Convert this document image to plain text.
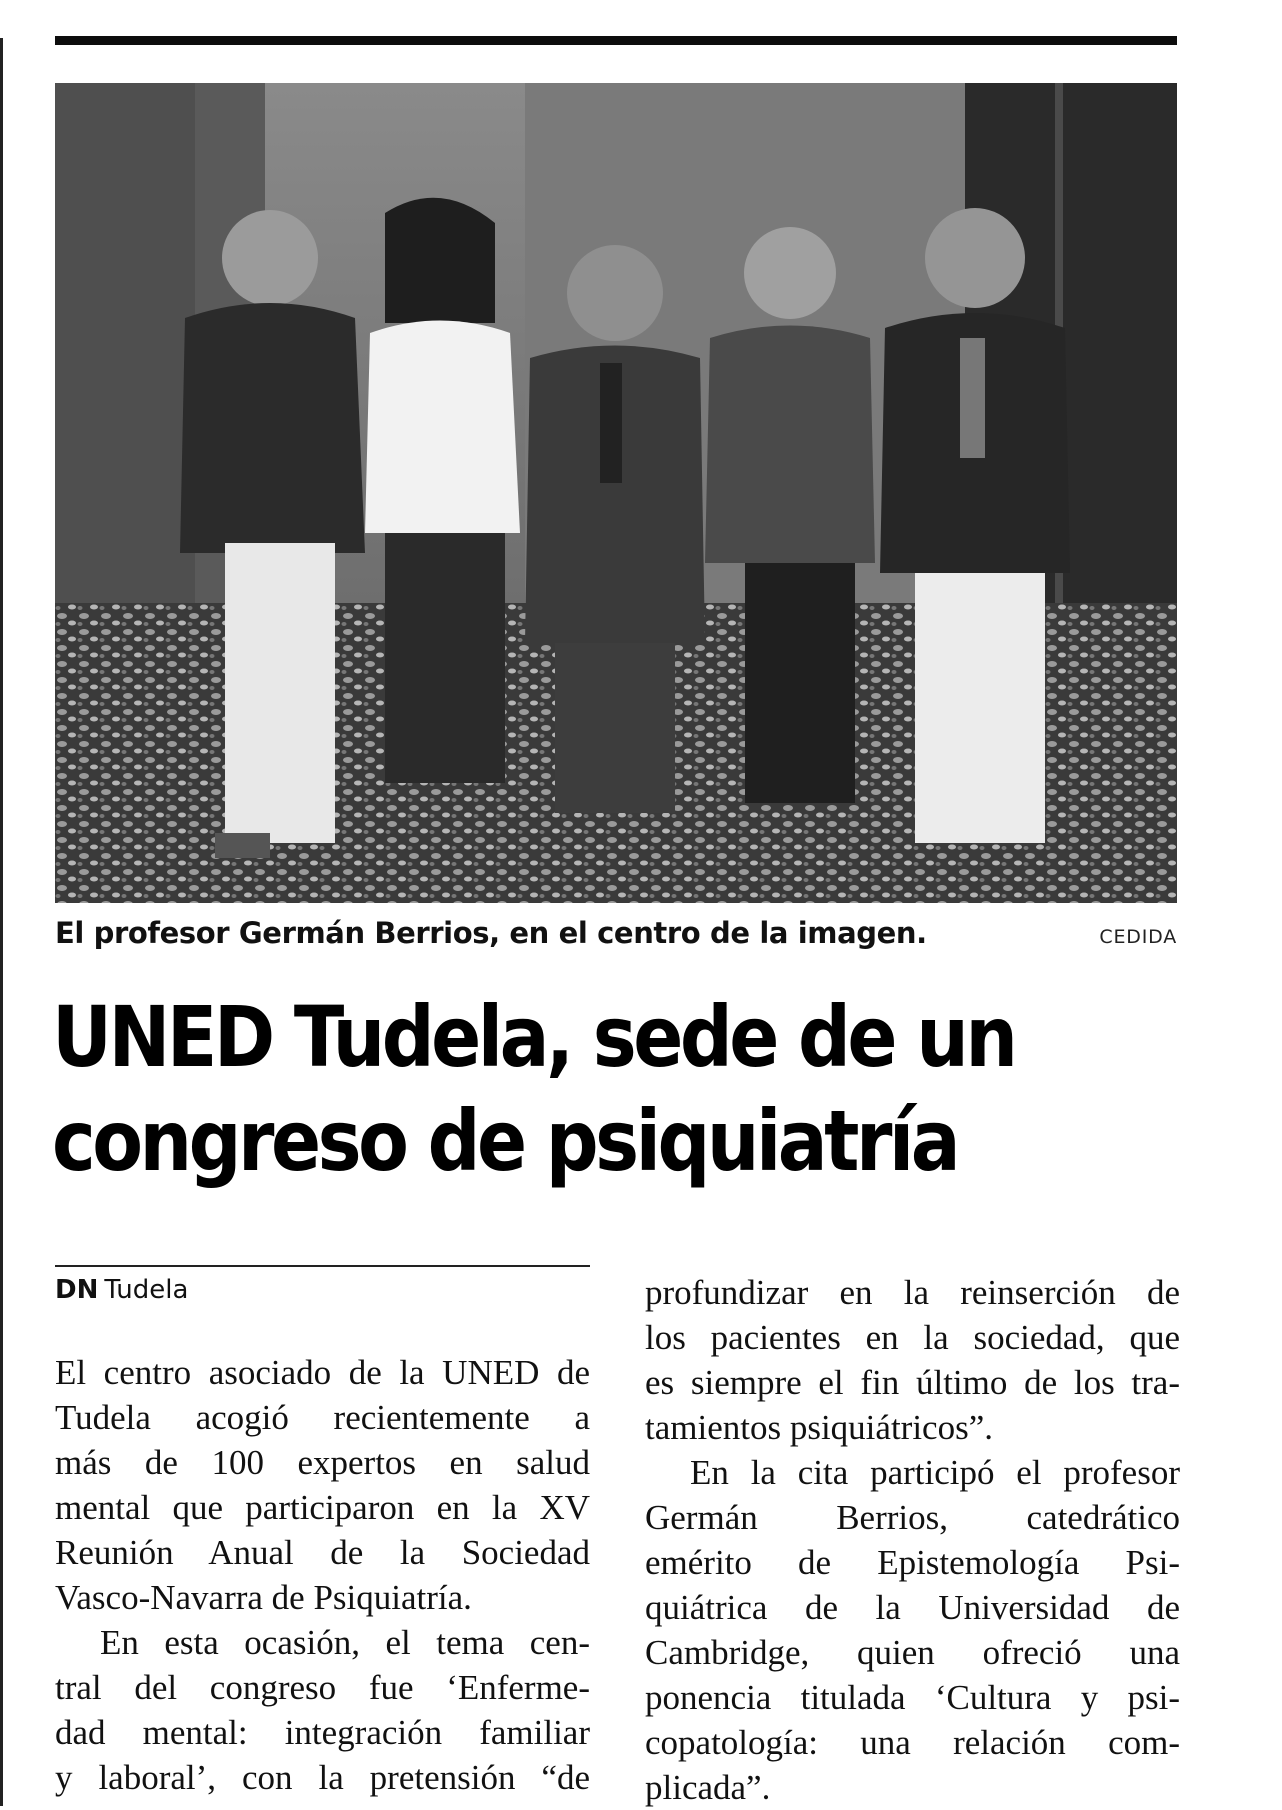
El profesor Germán Berrios, en el centro de la imagen.	CEDIDA
UNED Tudela, sede de un
congreso de psiquiatría
DN Tudela
El centro asociado de la UNED de
Tudela acogió recientemente a
más de 100 expertos en salud
mental que participaron en la XV
Reunión Anual de la Sociedad
Vasco-Navarra de Psiquiatría.
En esta ocasión, el tema cen-
tral del congreso fue ‘Enferme-
dad mental: integración familiar
y laboral’, con la pretensión “de
profundizar en la reinserción de
los pacientes en la sociedad, que
es siempre el fin último de los tra-
tamientos psiquiátricos”.
En la cita participó el profesor
Germán Berrios, catedrático
emérito de Epistemología Psi-
quiátrica de la Universidad de
Cambridge, quien ofreció una
ponencia titulada ‘Cultura y psi-
copatología: una relación com-
plicada”.
